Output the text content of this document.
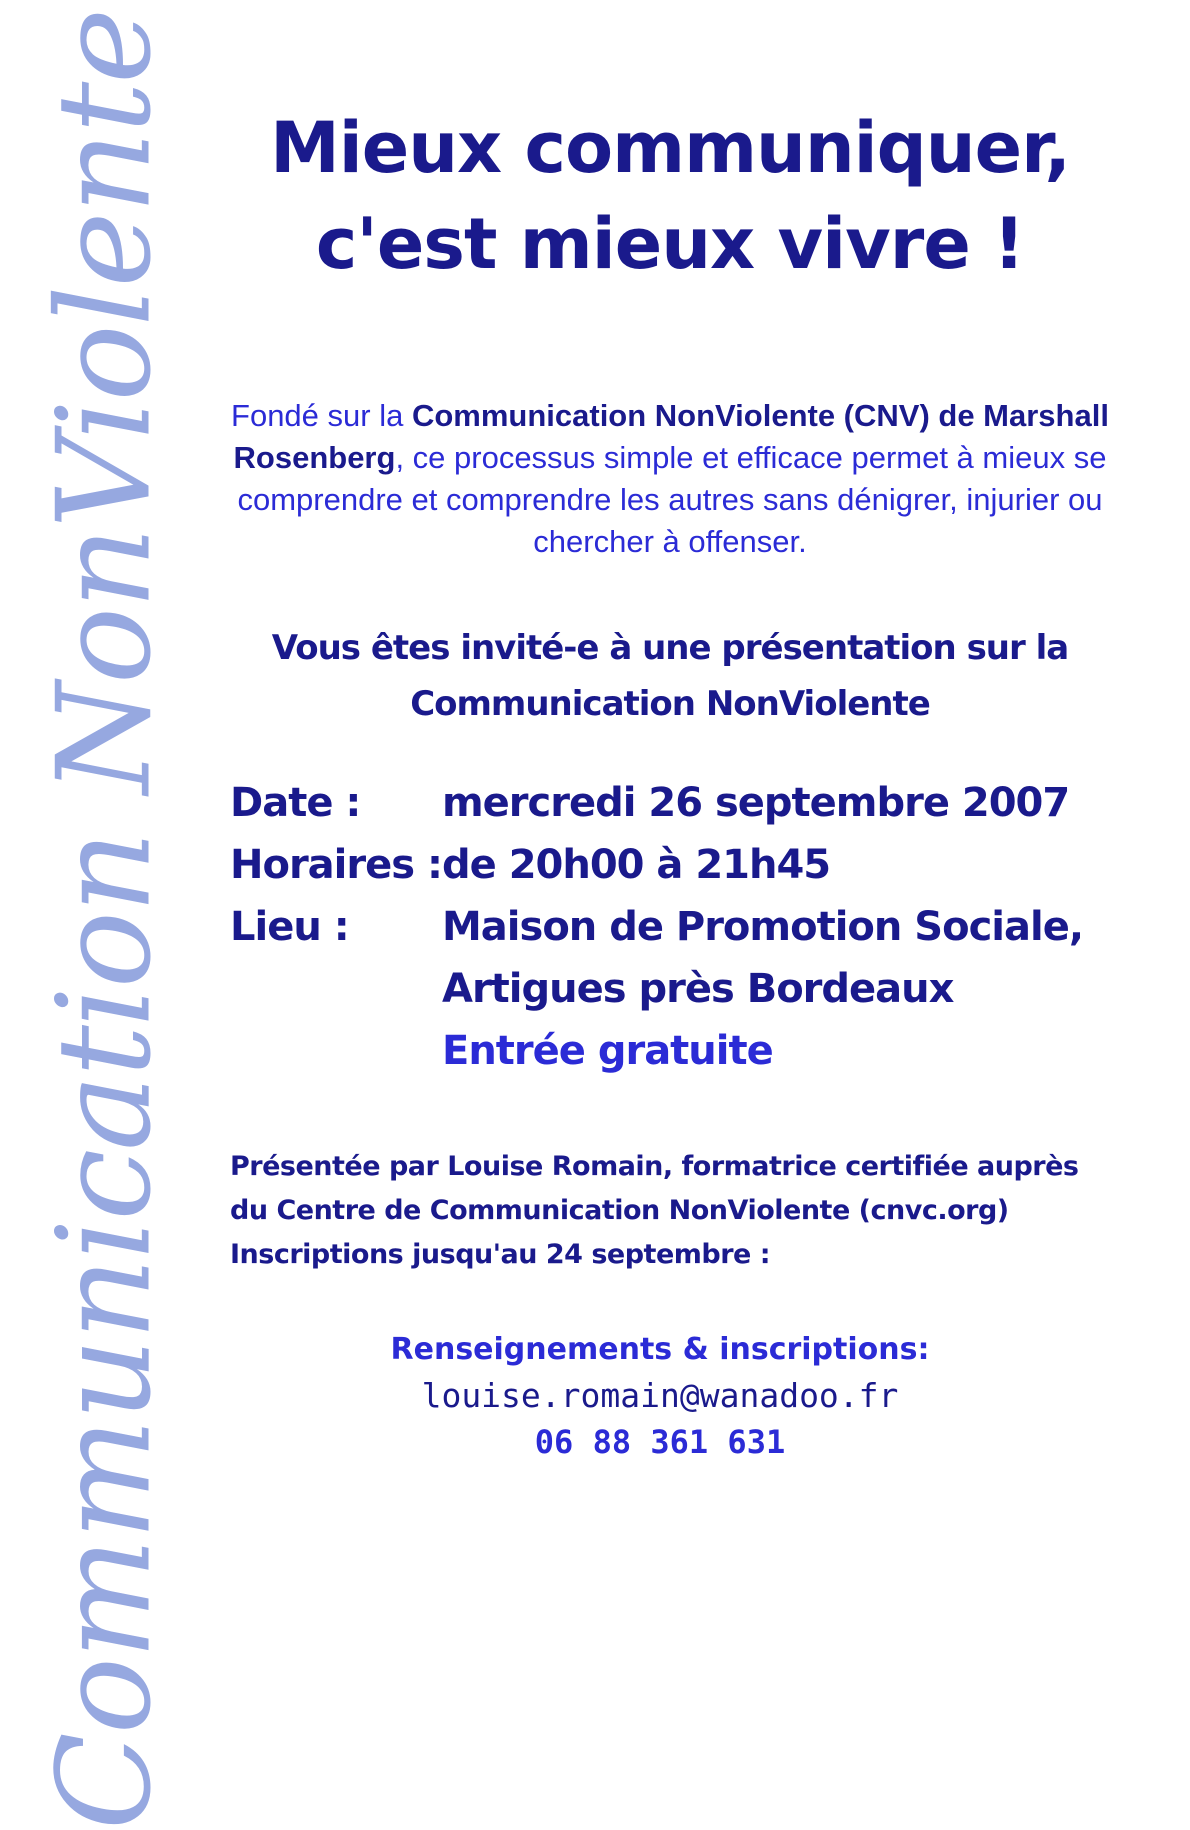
Communication NonViolente	Mieux communiquer,
c'est mieux vivre !
Fondé sur la Communication NonViolente (CNV) de Marshall Rosenberg, ce processus simple et efficace permet à mieux se comprendre et comprendre les autres sans dénigrer, injurier ou chercher à offenser.
Vous êtes invité-e à une présentation sur la
Communication NonViolente
Date :	mercredi 26 septembre 2007
Horaires : de 20h00 à 21h45
Lieu :	Maison de Promotion Sociale,
Artigues près Bordeaux
Entrée gratuite
Présentée par Louise Romain, formatrice certifiée auprès
du Centre de Communication NonViolente (cnvc.org)
Inscriptions jusqu'au 24 septembre :
Renseignements & inscriptions:
louise.romain@wanadoo.fr
06 88 361 631
